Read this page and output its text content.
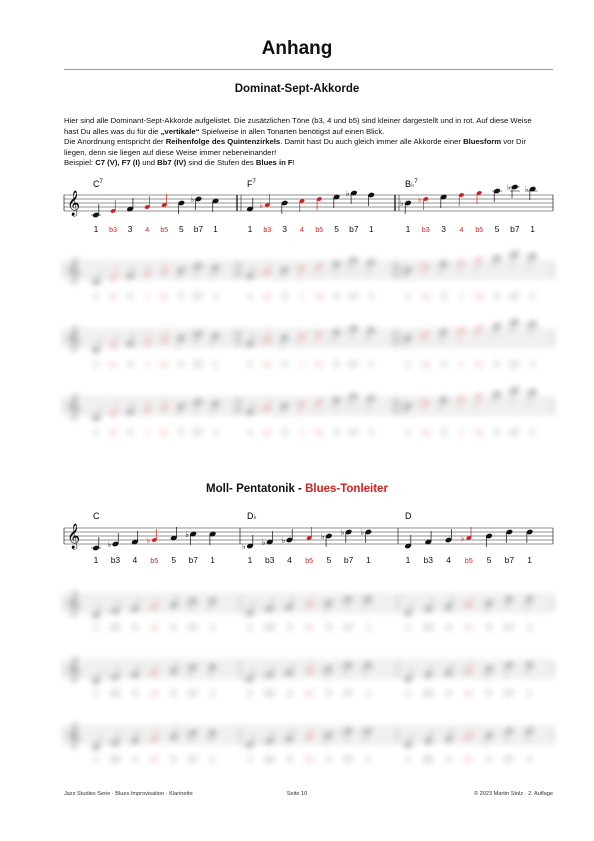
Anhang
Dominat-Sept-Akkorde

Hier sind alle Dominant-Sept-Akkorde aufgelistet. Die zusätzlichen Töne (b3, 4 und b5) sind kleiner dargestellt und in rot. Auf diese Weise hast Du alles was du für die „vertikale“ Spielweise in allen Tonarten benötigst auf einen Blick.

Die Anordnung entspricht der Reihenfolge des Quintenzirkels. Damit hast Du auch gleich immer alle Akkorde einer Bluesform vor Dir liegen, denn sie liegen auf diese Weise immer nebeneinander!

Beispiel: C7 (V), F7 (I) und Bb7 (IV) sind die Stufen des Blues in F!

Moll- Pentatonik - Blues-Tonleiter
𝄞
$C^7$
♭
1 b3 3 4 b5 5 b7 1
$F^7$
♭
♭
1 b3 3 4 b5 5 b7 1
B♭$^7$
♭ ♭
♭ ♭
1 b3 3 4 b5 5 b7 1
𝄞	♭
1 b3 3 4 b5 5 b7 1
♭
♭
1 b3 3 4 b5 5 b7 1
♭ ♭
♭ ♭
1 b3 3 4 b5 5 b7 1
𝄞	♭
1 b3 3 4 b5 5 b7 1
♭
♭
1 b3 3 4 b5 5 b7 1
♭ ♭
♭ ♭
1 b3 3 4 b5 5 b7 1
𝄞	♭
1 b3 3 4 b5 5 b7 1
♭
♭
1 b3 3 4 b5 5 b7 1
♭ ♭
♭ ♭
1 b3 3 4 b5 5 b7 1
𝄞
C
♭	♭
♭
1 b3 4 b5 5 b7 1
D♭
♭ ♭ ♭	♭ ♭ ♭
1 b3 4 b5 5 b7 1
D
♭
1 b3 4 b5 5 b7 1
𝄞	♭	♭
♭
1 b3 4 b5 5 b7 1
♭ ♭ ♭	♭ ♭ ♭
1 b3 4 b5 5 b7 1
♭
1 b3 4 b5 5 b7 1
𝄞	♭	♭
♭
1 b3 4 b5 5 b7 1
♭ ♭ ♭	♭ ♭ ♭
1 b3 4 b5 5 b7 1
♭
1 b3 4 b5 5 b7 1
𝄞	♭	♭
♭
1 b3 4 b5 5 b7 1
♭ ♭ ♭	♭ ♭ ♭
1 b3 4 b5 5 b7 1
♭
1 b3 4 b5 5 b7 1
Jazz Studies Serie · Blues Improvisation · Klarinette	Seite 10	© 2023 Martin Stolz · 2. Auflage
